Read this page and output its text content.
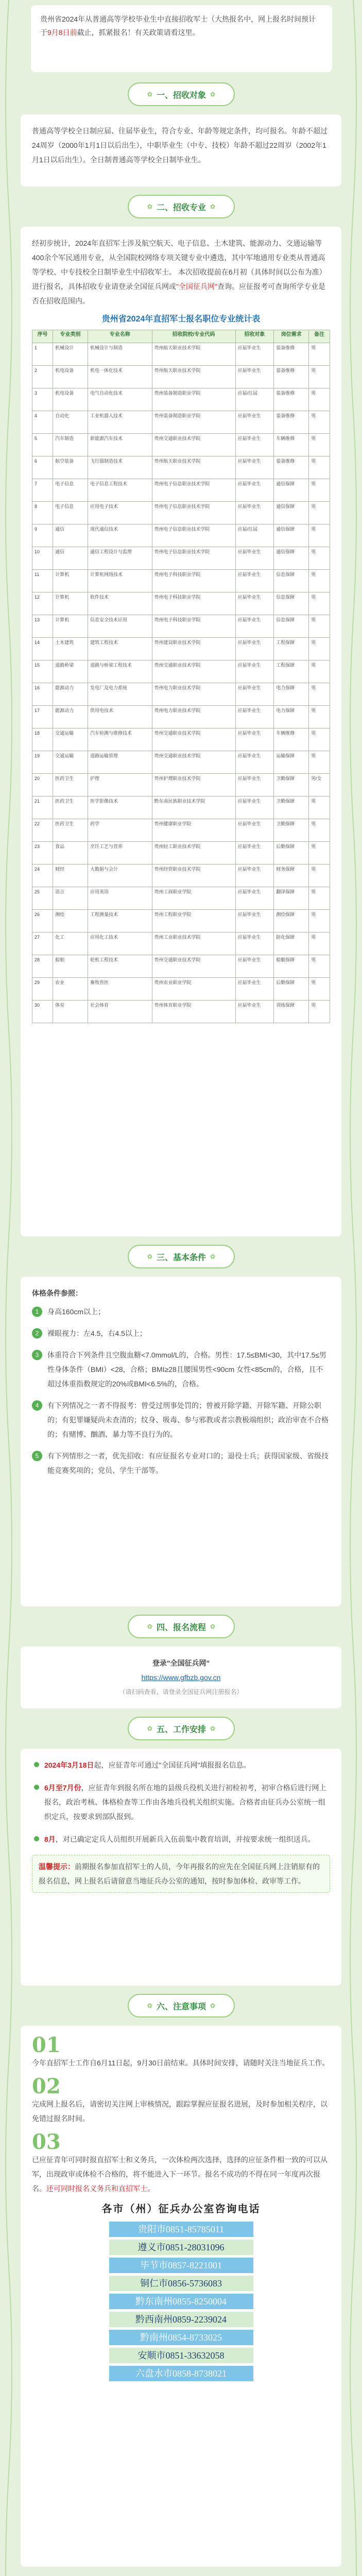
贵州省2024年从普通高等学校毕业生中直接招收军士（大热报名中，网上报名时间预计于9月8日前截止，抓紧报名！有关政策请看这里。
✿ 一、招收对象 ✿
普通高等学校全日制应届、往届毕业生，符合专业、年龄等规定条件，均可报名。年龄不超过24周岁（2000年1月1日以后出生），中职毕业生（中专、技校）年龄不超过22周岁（2002年1月1日以后出生）。全日制普通高等学校全日制毕业生。
✿ 二、招收专业 ✿
经初步统计，2024年直招军士涉及航空航天、电子信息、土木建筑、能源动力、交通运输等400余个军民通用专业，从全国院校网络专项关键专业中遴选，其中军地通用专业类从普通高等学校、中专技校全日制毕业生中招收军士。 本次招收提前在6月初（具体时间以公布为准）进行报名，具体招收专业请登录全国征兵网或"全国征兵网"查询。应征报考可查询所学专业是否在招收范围内。
贵州省2024年直招军士报名职位专业统计表
序号	专业类别	专业名称	招收院校/专业代码	招收对象	岗位需求	备注
1	机械设计	机械设计与制造	贵州航天职业技术学院	应届毕业生	装备维修	男
2	机电设备	机电一体化技术	贵州航天职业技术学院	应届毕业生	装备维修	男
3	机电设备	电气自动化技术	贵州装备制造职业学院	应届/往届	装备维修	男
4	自动化	工业机器人技术	贵州装备制造职业学院	应届毕业生	装备维修	男
5	汽车制造	新能源汽车技术	贵州交通职业技术学院	应届毕业生	车辆维修	男
6	航空装备	飞行器制造技术	贵州航天职业技术学院	应届毕业生	装备维修	男
7	电子信息	电子信息工程技术	贵州电子信息职业技术学院	应届毕业生	通信保障	男
8	电子信息	应用电子技术	贵州电子信息职业技术学院	应届毕业生	通信保障	男
9	通信	现代通信技术	贵州电子信息职业技术学院	应届/往届	通信保障	男
10	通信	通信工程设计与监理	贵州电子信息职业技术学院	应届毕业生	通信保障	男
11	计算机	计算机网络技术	贵州电子科技职业学院	应届毕业生	信息保障	男
12	计算机	软件技术	贵州电子科技职业学院	应届毕业生	信息保障	男
13	计算机	信息安全技术应用	贵州电子科技职业学院	应届毕业生	信息保障	男
14	土木建筑	建筑工程技术	贵州建设职业技术学院	应届毕业生	工程保障	男
15	道路桥梁	道路与桥梁工程技术	贵州交通职业技术学院	应届毕业生	工程保障	男
16	能源动力	发电厂及电力系统	贵州电力职业技术学院	应届毕业生	电力保障	男
17	能源动力	供用电技术	贵州电力职业技术学院	应届毕业生	电力保障	男
18	交通运输	汽车检测与维修技术	贵州交通职业技术学院	应届毕业生	车辆维修	男
19	交通运输	道路运输管理	贵州交通职业技术学院	应届毕业生	运输保障	男
20	医药卫生	护理	贵州护理职业技术学院	应届毕业生	卫勤保障	男/女
21	医药卫生	医学影像技术	黔东南民族职业技术学院	应届毕业生	卫勤保障	男
22	医药卫生	药学	贵州健康职业学院	应届毕业生	卫勤保障	男
23	食品	烹饪工艺与营养	贵州轻工职业技术学院	应届毕业生	后勤保障	男
24	财经	大数据与会计	贵州经贸职业技术学院	应届毕业生	财务保障	男
25	语言	应用英语	贵州工商职业学院	应届毕业生	翻译保障	男
26	测绘	工程测量技术	贵州工程职业学院	应届毕业生	测绘保障	男
27	化工	应用化工技术	贵州工业职业技术学院	应届毕业生	防化保障	男
28	船舶	轮机工程技术	贵州交通职业技术学院	应届毕业生	船艇保障	男
29	农业	畜牧兽医	贵州农业职业学院	应届毕业生	后勤保障	男
30	体育	社会体育	贵州体育职业学院	应届毕业生	训练保障	男
✿ 三、基本条件 ✿
体格条件参照：
1	身高160cm以上；
2	裸眼视力：左4.5，右4.5以上；
3	体重符合下列条件且空腹血糖<7.0mmol/L的，合格。男性：17.5≤BMI<30，其中17.5≤男性身体条件（BMI）<28，合格；BMI≥28且腰围男性<90cm 女性<85cm的，合格，且不超过体重指数规定的20%或BMI<6.5%的，合格。
4	有下列情况之一者不得报考：曾受过刑事处罚的；曾被开除学籍、开除军籍、开除公职的；有犯罪嫌疑尚未查清的；纹身、吸毒、参与邪教或者宗教极端组织；政治审查不合格的；有赌博、酗酒、暴力等不良行为的。
5	有下列情形之一者，优先招收：有应征报名专业对口的；退役士兵；获得国家级、省级技能竞赛奖项的；党员、学生干部等。
✿ 四、报名流程 ✿
登录"全国征兵网"
https://www.gfbzb.gov.cn
（请扫码查看、请登录全国征兵网注册报名）
✿ 五、工作安排 ✿
2024年3月18日起，应征青年可通过"全国征兵网"填报报名信息。
6月至7月份，应征青年到报名所在地的县级兵役机关进行初检初考，初审合格后进行网上报名，政治考核、体格检查等工作由各地兵役机关组织实施。合格者由征兵办公室统一组织定兵，按要求到部队报到。
8月，对已确定定兵人员组织开展新兵入伍前集中教育培训，并按要求统一组织送兵。
温馨提示：前期报名参加直招军士的人员，今年再报名的应先在全国征兵网上注销原有的报名信息，网上报名后请留意当地征兵办公室的通知，按时参加体检、政审等工作。
✿ 六、注意事项 ✿
01
今年直招军士工作自6月11日起，9月30日前结束。具体时间安排，请随时关注当地征兵工作。
02
完成网上报名后，请密切关注网上审核情况，跟踪掌握应征报名进展，及时参加相关程序，以免错过报名时间。
03
已应征青年可同时报直招军士和义务兵，一次体检两次选择，选择的应征条件相一致的可以从军，出现政审或体检不合格的，将不能进入下一环节。报名不成功的不得在同一年度再次报名。还可同时报名义务兵和直招军士。
各市（州）征兵办公室咨询电话
贵阳市0851-85785011
遵义市0851-28031096
毕节市0857-8221001
铜仁市0856-5736083
黔东南州0855-8250004
黔西南州0859-2239024
黔南州0854-8733025
安顺市0851-33632058
六盘水市0858-8738021
